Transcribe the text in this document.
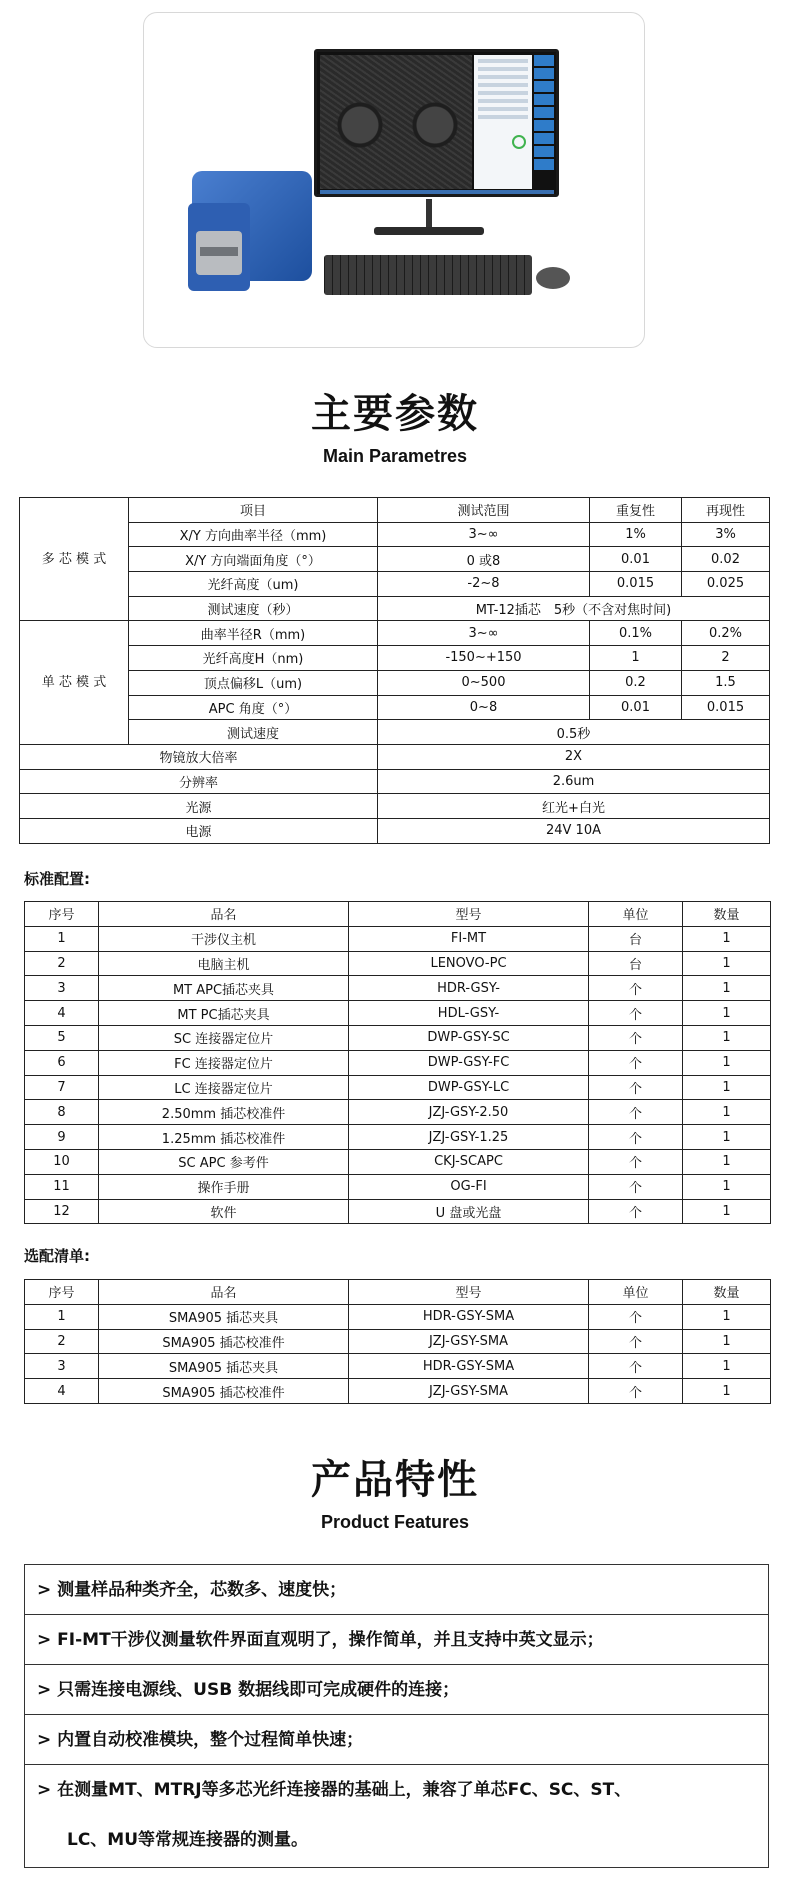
主要参数
Main Parametres
多 芯 模 式	项目	测试范围	重复性	再现性
	X/Y 方向曲率半径（mm)	3~∞	1%	3%
	X/Y 方向端面角度（°）	0 或8	0.01	0.02
	光纤高度（um)	-2~8	0.015	0.025
	测试速度（秒）	MT-12插芯　5秒（不含对焦时间)		
单 芯 模 式	曲率半径R（mm)	3~∞	0.1%	0.2%
	光纤高度H（nm)	-150~+150	1	2
	顶点偏移L（um)	0~500	0.2	1.5
	APC 角度（°）	0~8	0.01	0.015
	测试速度	0.5秒		
物镜放大倍率		2X		
分辨率		2.6um		
光源		红光+白光		
电源		24V 10A		
标准配置:
序号	品名	型号	单位	数量
1	干涉仪主机	FI-MT	台	1
2	电脑主机	LENOVO-PC	台	1
3	MT APC插芯夹具	HDR-GSY-	个	1
4	MT PC插芯夹具	HDL-GSY-	个	1
5	SC 连接器定位片	DWP-GSY-SC	个	1
6	FC 连接器定位片	DWP-GSY-FC	个	1
7	LC 连接器定位片	DWP-GSY-LC	个	1
8	2.50mm 插芯校准件	JZJ-GSY-2.50	个	1
9	1.25mm 插芯校准件	JZJ-GSY-1.25	个	1
10	SC APC 参考件	CKJ-SCAPC	个	1
11	操作手册	OG-FI	个	1
12	软件	U 盘或光盘	个	1
选配清单:
序号	品名	型号	单位	数量
1	SMA905 插芯夹具	HDR-GSY-SMA	个	1
2	SMA905 插芯校准件	JZJ-GSY-SMA	个	1
3	SMA905 插芯夹具	HDR-GSY-SMA	个	1
4	SMA905 插芯校准件	JZJ-GSY-SMA	个	1
产品特性
Product Features
> 测量样品种类齐全，芯数多、速度快；
> FI-MT干涉仪测量软件界面直观明了，操作简单，并且支持中英文显示；
> 只需连接电源线、USB 数据线即可完成硬件的连接；
> 内置自动校准模块，整个过程简单快速；
> 在测量MT、MTRJ等多芯光纤连接器的基础上，兼容了单芯FC、SC、ST、
LC、MU等常规连接器的测量。
